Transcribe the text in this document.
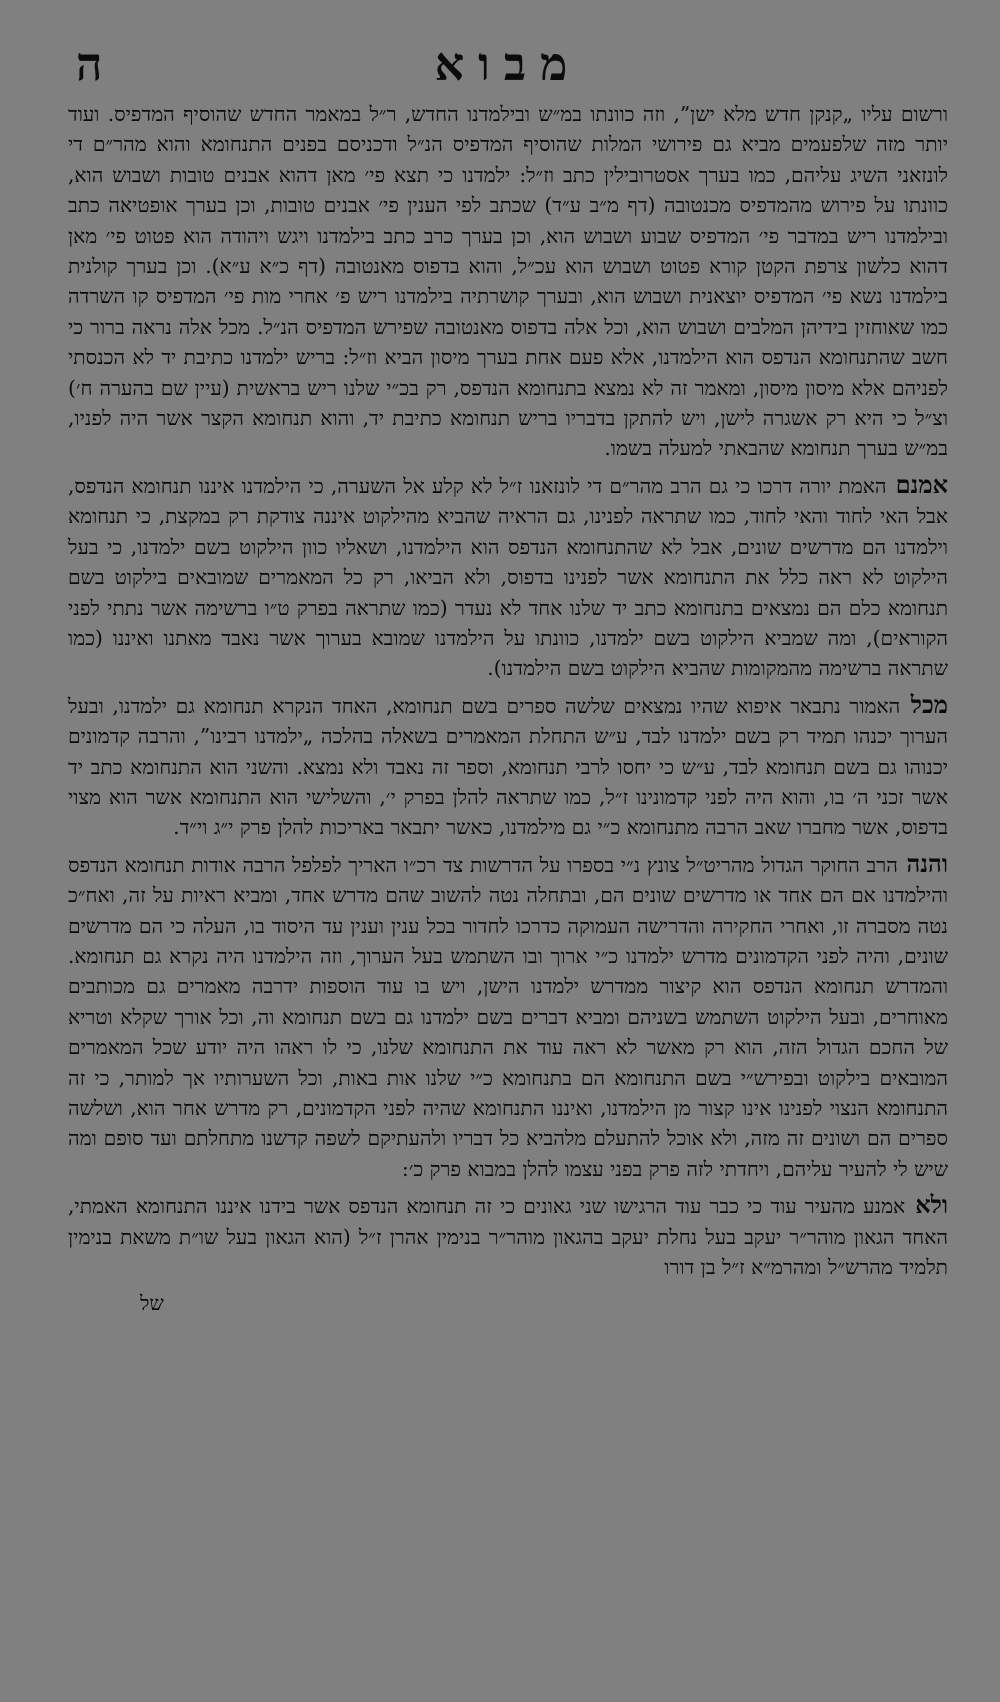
מבוא
ה

ורשום עליו „קנקן חדש מלא ישן”, וזה כוונתו במ״ש ובילמדנו החדש, ר״ל במאמר החדש שהוסיף המדפיס. ועוד יותר מזה שלפעמים מביא גם פירושי המלות שהוסיף המדפיס הנ״ל ודכניסם בפנים התנחומא והוא מהר״ם די לונזאני השיג עליהם, כמו בערך אסטרובילין כתב וז״ל: ילמדנו כי תצא פי׳ מאן דהוא אבנים טובות ושבוש הוא, כוונתו על פירוש מהמדפיס מכנטובה (דף מ״ב ע״ד) שכתב לפי הענין פי׳ אבנים טובות, וכן בערך אופטיאה כתב ובילמדנו ריש במדבר פי׳ המדפיס שבוע ושבוש הוא, וכן בערך כרב כתב בילמדנו ויגש ויהודה הוא פטוט פי׳ מאן דהוא כלשון צרפת הקטן קורא פטוט ושבוש הוא עכ״ל, והוא בדפוס מאנטובה (דף כ״א ע״א). וכן בערך קולנית בילמדנו נשא פי׳ המדפיס יוצאנית ושבוש הוא, ובערך קושרתיה בילמדנו ריש פ׳ אחרי מות פי׳ המדפיס קו השרדה כמו שאוחזין בידיהן המלבים ושבוש הוא, וכל אלה בדפוס מאנטובה שפירש המדפיס הנ״ל. מכל אלה נראה ברור כי חשב שהתנחומא הנדפס הוא הילמדנו, אלא פעם אחת בערך מיסון הביא וז״ל: בריש ילמדנו כתיבת יד לא הכנסתי לפניהם אלא מיסון מיסון, ומאמר זה לא נמצא בתנחומא הנדפס, רק בכ״י שלנו ריש בראשית (עיין שם בהערה ח׳) וצ״ל כי היא רק אשגרה לישן, ויש להתקן בדבריו בריש תנחומא כתיבת יד, והוא תנחומא הקצר אשר היה לפניו, במ״ש בערך תנחומא שהבאתי למעלה בשמו.

אמנם האמת יורה דרכו כי גם הרב מהר״ם די לונזאנו ז״ל לא קלע אל השערה, כי הילמדנו איננו תנחומא הנדפס, אבל האי לחוד והאי לחוד, כמו שתראה לפנינו, גם הראיה שהביא מהילקוט איננה צודקת רק במקצת, כי תנחומא וילמדנו הם מדרשים שונים, אבל לא שהתנחומא הנדפס הוא הילמדנו, ושאליו כוון הילקוט בשם ילמדנו, כי בעל הילקוט לא ראה כלל את התנחומא אשר לפנינו בדפוס, ולא הביאו, רק כל המאמרים שמובאים בילקוט בשם תנחומא כלם הם נמצאים בתנחומא כתב יד שלנו אחד לא נעדר (כמו שתראה בפרק ט״ו ברשימה אשר נתתי לפני הקוראים), ומה שמביא הילקוט בשם ילמדנו, כוונתו על הילמדנו שמובא בערוך אשר נאבד מאתנו ואיננו (כמו שתראה ברשימה מהמקומות שהביא הילקוט בשם הילמדנו).

מכל האמור נתבאר איפוא שהיו נמצאים שלשה ספרים בשם תנחומא, האחד הנקרא תנחומא גם ילמדנו, ובעל הערוך יכנהו תמיד רק בשם ילמדנו לבד, ע״ש התחלת המאמרים בשאלה בהלכה „ילמדנו רבינו”, והרבה קדמונים יכנוהו גם בשם תנחומא לבד, ע״ש כי יחסו לרבי תנחומא, וספר זה נאבד ולא נמצא. והשני הוא התנחומא כתב יד אשר זכני ה׳ בו, והוא היה לפני קדמונינו ז״ל, כמו שתראה להלן בפרק י׳, והשלישי הוא התנחומא אשר הוא מצוי בדפוס, אשר מחברו שאב הרבה מתנחומא כ״י גם מילמדנו, כאשר יתבאר באריכות להלן פרק י״ג וי״ד.

והנה הרב החוקר הגדול מהריט״ל צונץ נ״י בספרו על הדרשות צד רכ״ו האריך לפלפל הרבה אודות תנחומא הנדפס והילמדנו אם הם אחד או מדרשים שונים הם, ובתחלה נטה להשוב שהם מדרש אחד, ומביא ראיות על זה, ואח״כ נטה מסברה זו, ואחרי החקירה והדרישה העמוקה כדרכו לחדור בכל ענין וענין עד היסוד בו, העלה כי הם מדרשים שונים, והיה לפני הקדמונים מדרש ילמדנו כ״י ארוך ובו השתמש בעל הערוך, וזה הילמדנו היה נקרא גם תנחומא. והמדרש תנחומא הנדפס הוא קיצור ממדרש ילמדנו הישן, ויש בו עוד הוספות ידרבה מאמרים גם מכותבים מאוחרים, ובעל הילקוט השתמש בשניהם ומביא דברים בשם ילמדנו גם בשם תנחומא וה, וכל אורך שקלא וטריא של החכם הגדול הזה, הוא רק מאשר לא ראה עוד את התנחומא שלנו, כי לו ראהו היה יודע שכל המאמרים המובאים בילקוט ובפירש״י בשם התנחומא הם בתנחומא כ״י שלנו אות באות, וכל השערותיו אך למותר, כי זה התנחומא הנצוי לפנינו אינו קצור מן הילמדנו, ואיננו התנחומא שהיה לפני הקדמונים, רק מדרש אחר הוא, ושלשה ספרים הם ושונים זה מזה, ולא אוכל להתעלם מלהביא כל דבריו ולהעתיקם לשפה קדשנו מתחלתם ועד סופם ומה שיש לי להעיר עליהם, ויחדתי לזה פרק בפני עצמו להלן במבוא פרק כ׳:

ולא אמנע מהעיר עוד כי כבר עוד הרגישו שני גאונים כי זה תנחומא הנדפס אשר בידנו איננו התנחומא האמתי, האחד הגאון מוהר״ר יעקב בעל נחלת יעקב בהגאון מוהר״ר בנימין אהרן ז״ל (הוא הגאון בעל שו״ת משאת בנימין תלמיד מהרש״ל ומהרמ״א ז״ל בן דורו

של
